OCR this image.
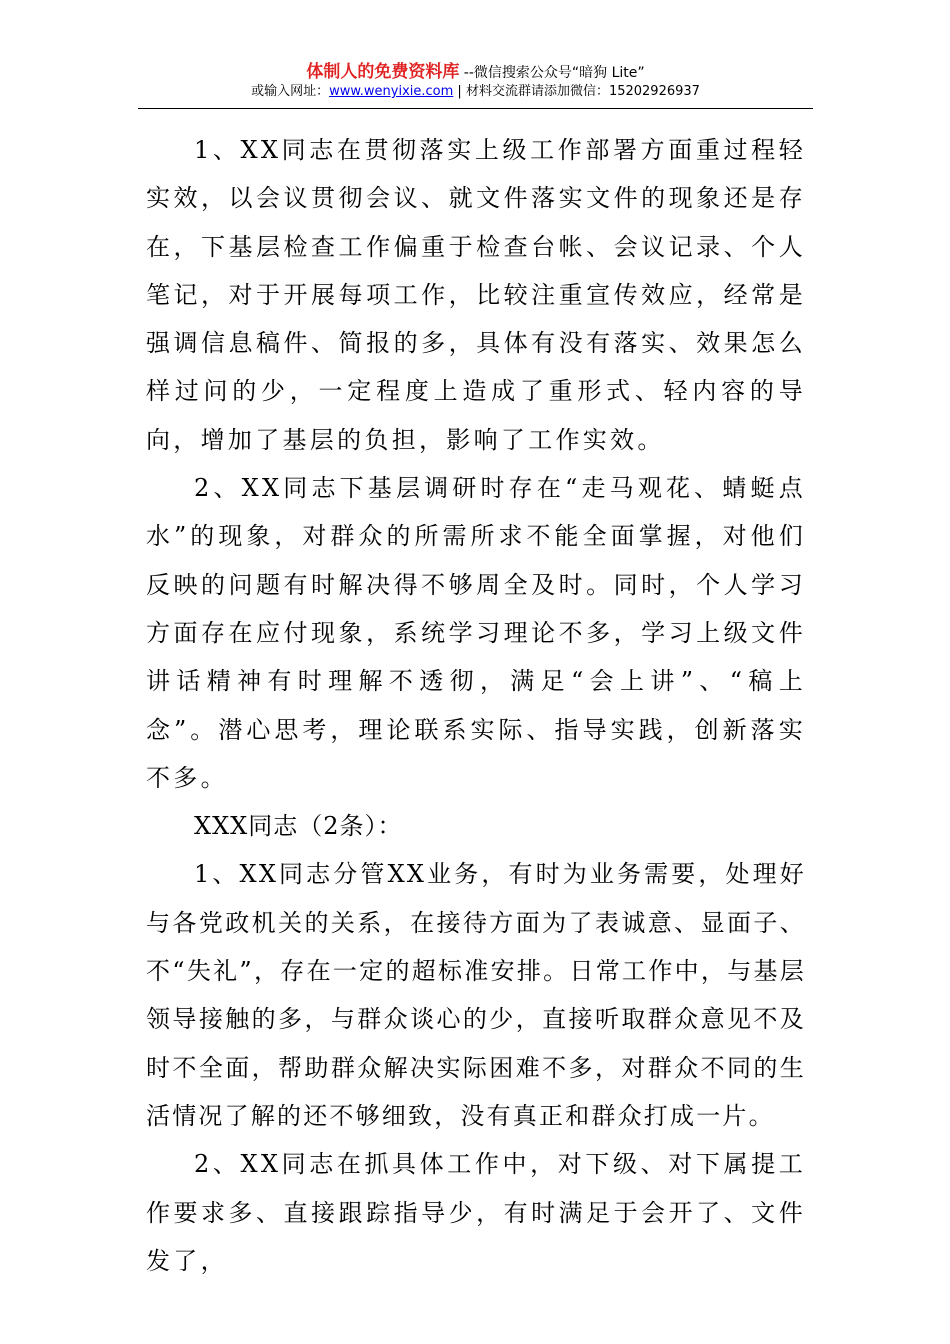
体制人的免费资料库 --微信搜索公众号“暗狗 Lite”
或输入网址：www.wenyixie.com | 材料交流群请添加微信：15202926937

1、XX同志在贯彻落实上级工作部署方面重过程轻实效，以会议贯彻会议、就文件落实文件的现象还是存在，下基层检查工作偏重于检查台帐、会议记录、个人笔记，对于开展每项工作，比较注重宣传效应，经常是强调信息稿件、简报的多，具体有没有落实、效果怎么样过问的少，一定程度上造成了重形式、轻内容的导向，增加了基层的负担，影响了工作实效。

2、XX同志下基层调研时存在“走马观花、蜻蜓点水”的现象，对群众的所需所求不能全面掌握，对他们反映的问题有时解决得不够周全及时。同时，个人学习方面存在应付现象，系统学习理论不多，学习上级文件讲话精神有时理解不透彻，满足“会上讲”、“稿上念”。潜心思考，理论联系实际、指导实践，创新落实不多。

XXX同志（2条）：

1、XX同志分管XX业务，有时为业务需要，处理好与各党政机关的关系，在接待方面为了表诚意、显面子、不“失礼”，存在一定的超标准安排。日常工作中，与基层领导接触的多，与群众谈心的少，直接听取群众意见不及时不全面，帮助群众解决实际困难不多，对群众不同的生活情况了解的还不够细致，没有真正和群众打成一片。

2、XX同志在抓具体工作中，对下级、对下属提工作要求多、直接跟踪指导少，有时满足于会开了、文件发了，
